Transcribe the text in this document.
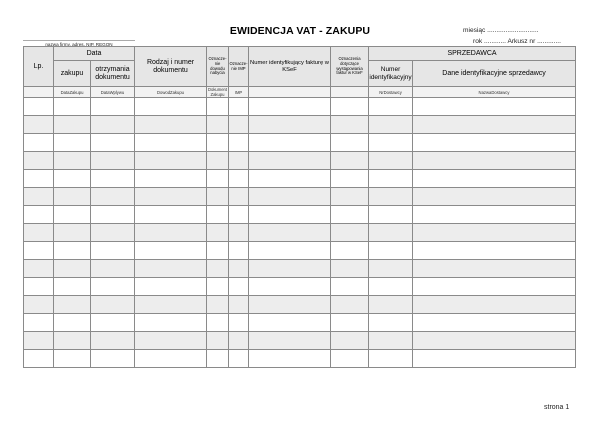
EWIDENCJA VAT - ZAKUPU
nazwa firmy, adres, NIP, REGON
miesiąc ............................
rok ............ Arkusz nr .............
Lp.	Data		Rodzaj i numer dokumentu	Oznacze- nie dowodu nabycia	Oznacze- nie IMP	Numer identyfikujący fakturę w KSeF	Oznaczenia dotyczące wystąpowania faktur w KSeF	SPRZEDAWCA	
	zakupu	otrzymania dokumentu						Numer identyfikacyjny	Dane identyfikacyjne sprzedawcy
	DataZakupu	DataWplywu	DowodZakupu	Dokument Zakupu	IMP			NrDostawcy	NazwaDostawcy

strona 1
